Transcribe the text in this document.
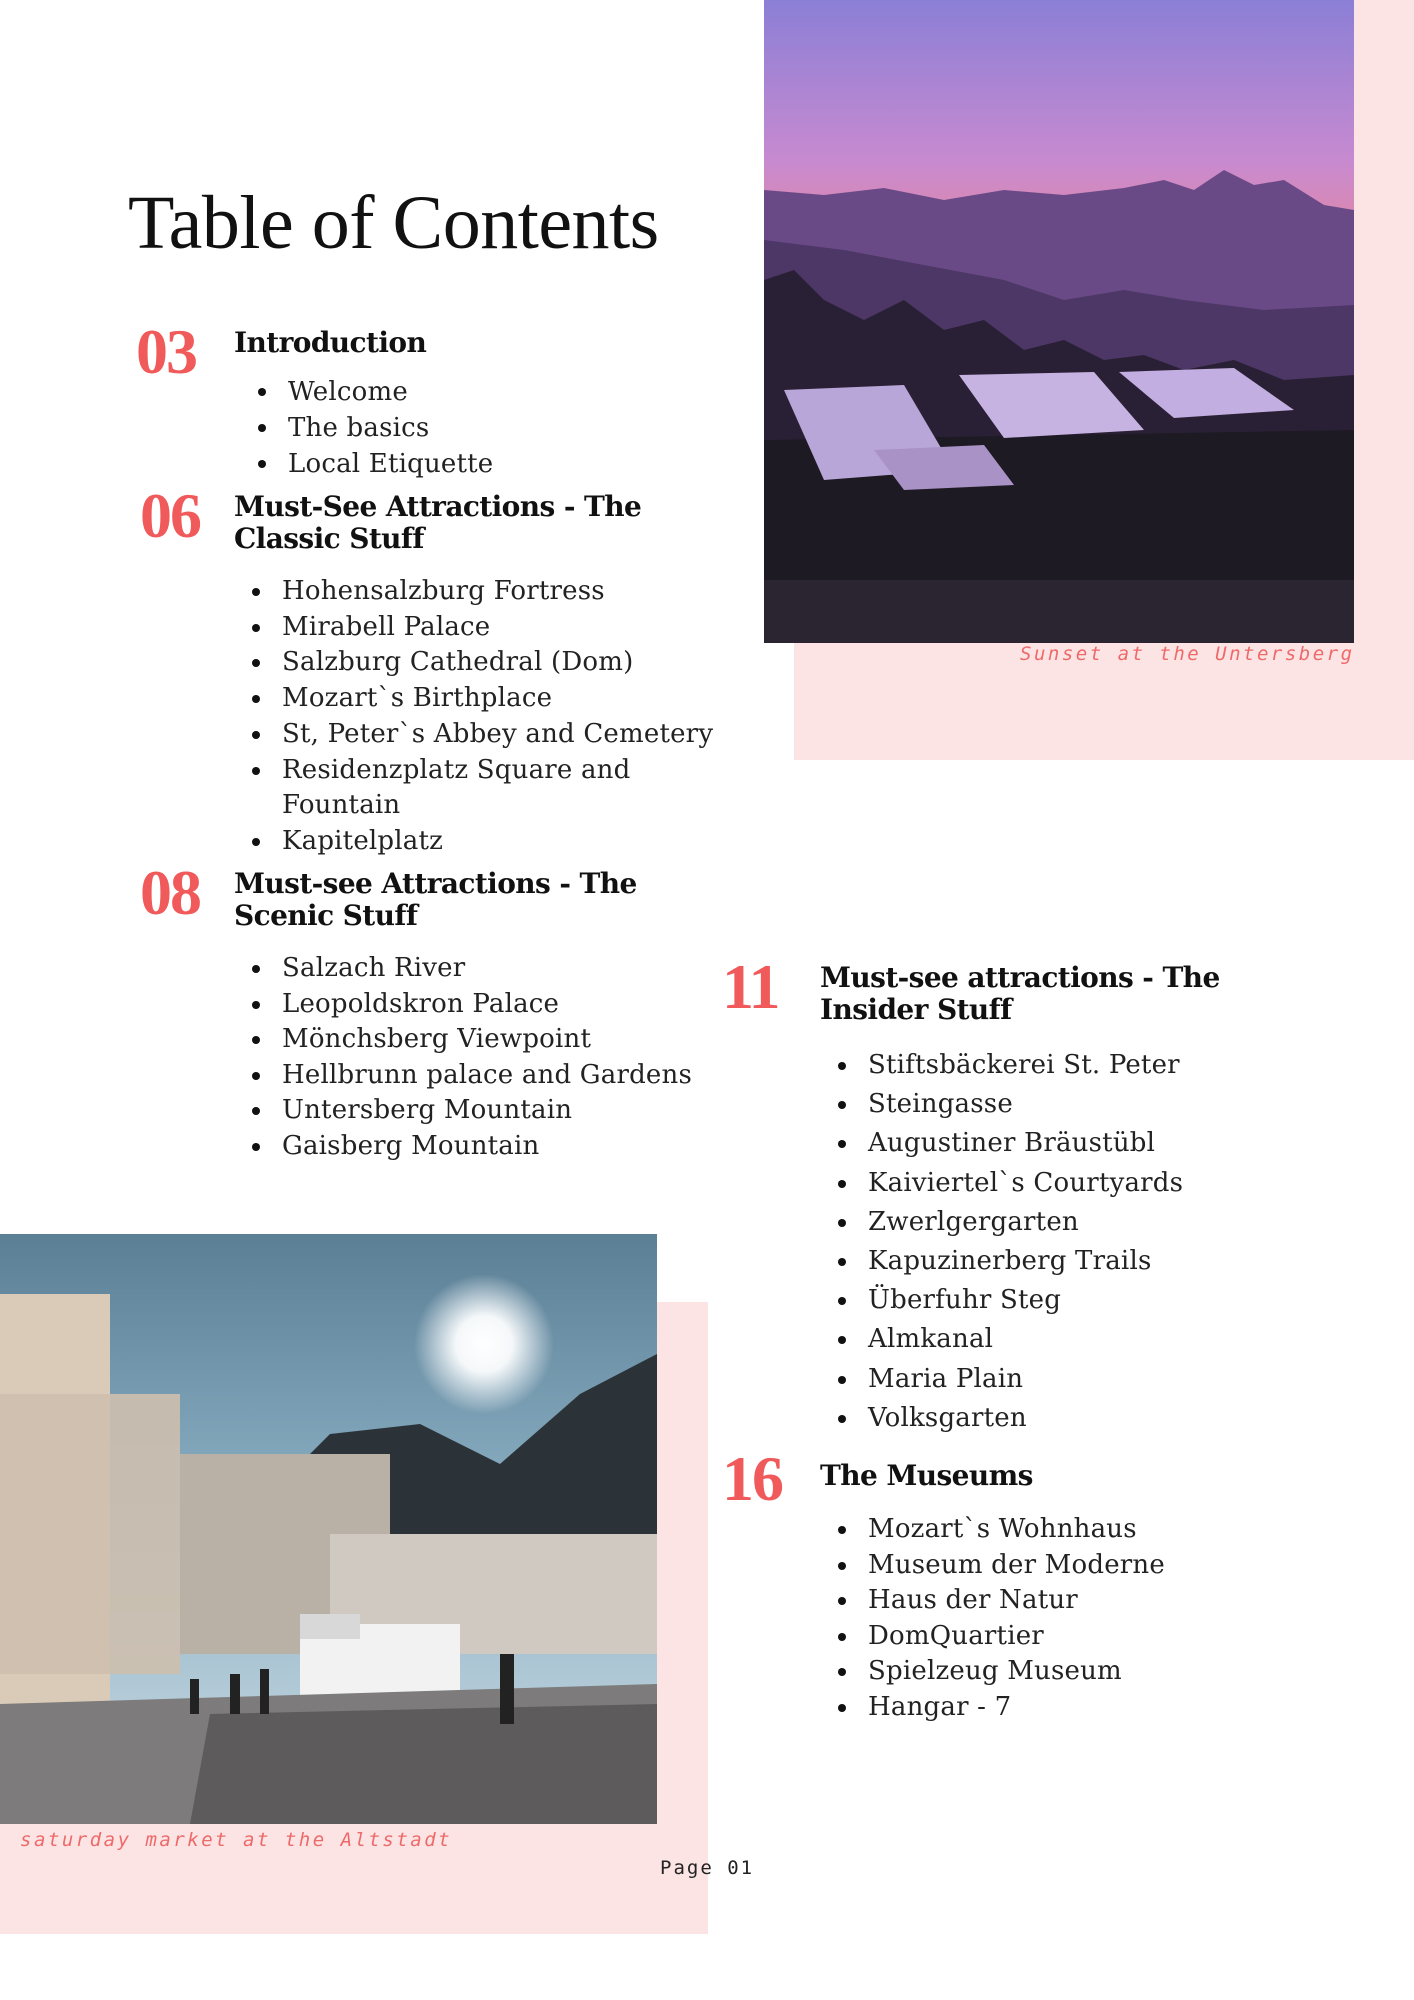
Sunset at the Untersberg
saturday market at the Altstadt
Table of Contents
03 Introduction
Welcome
The basics
Local Etiquette
06 Must-See Attractions - The
Classic Stuff
Hohensalzburg Fortress
Mirabell Palace
Salzburg Cathedral (Dom)
Mozart`s Birthplace
St, Peter`s Abbey and Cemetery
Residenzplatz Square and
Fountain
Kapitelplatz
08 Must-see Attractions - The
Scenic Stuff
Salzach River
Leopoldskron Palace
Mönchsberg Viewpoint
Hellbrunn palace and Gardens
Untersberg Mountain
Gaisberg Mountain
11 Must-see attractions - The
Insider Stuff
Stiftsbäckerei St. Peter
Steingasse
Augustiner Bräustübl
Kaiviertel`s Courtyards
Zwerlgergarten
Kapuzinerberg Trails
Überfuhr Steg
Almkanal
Maria Plain
Volksgarten
16 The Museums
Mozart`s Wohnhaus
Museum der Moderne
Haus der Natur
DomQuartier
Spielzeug Museum
Hangar - 7
Page 01
